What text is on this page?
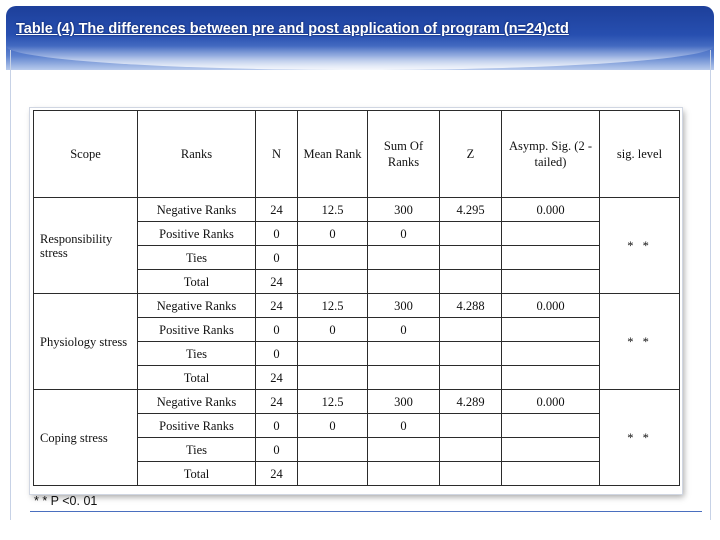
Table (4) The differences between pre and post application of program (n=24)ctd
Scope	Ranks	N	Mean Rank	Sum Of Ranks	Z	Asymp. Sig. (2 -tailed)	sig. level
Responsibility stress	Negative Ranks	24	12.5	300	4.295	0.000	* *
	Positive Ranks	0	0	0			
	Ties	0					
	Total	24					
Physiology stress	Negative Ranks	24	12.5	300	4.288	0.000	* *
	Positive Ranks	0	0	0			
	Ties	0					
	Total	24					
Coping stress	Negative Ranks	24	12.5	300	4.289	0.000	* *
	Positive Ranks	0	0	0			
	Ties	0					
	Total	24					

* * P <0. 01
